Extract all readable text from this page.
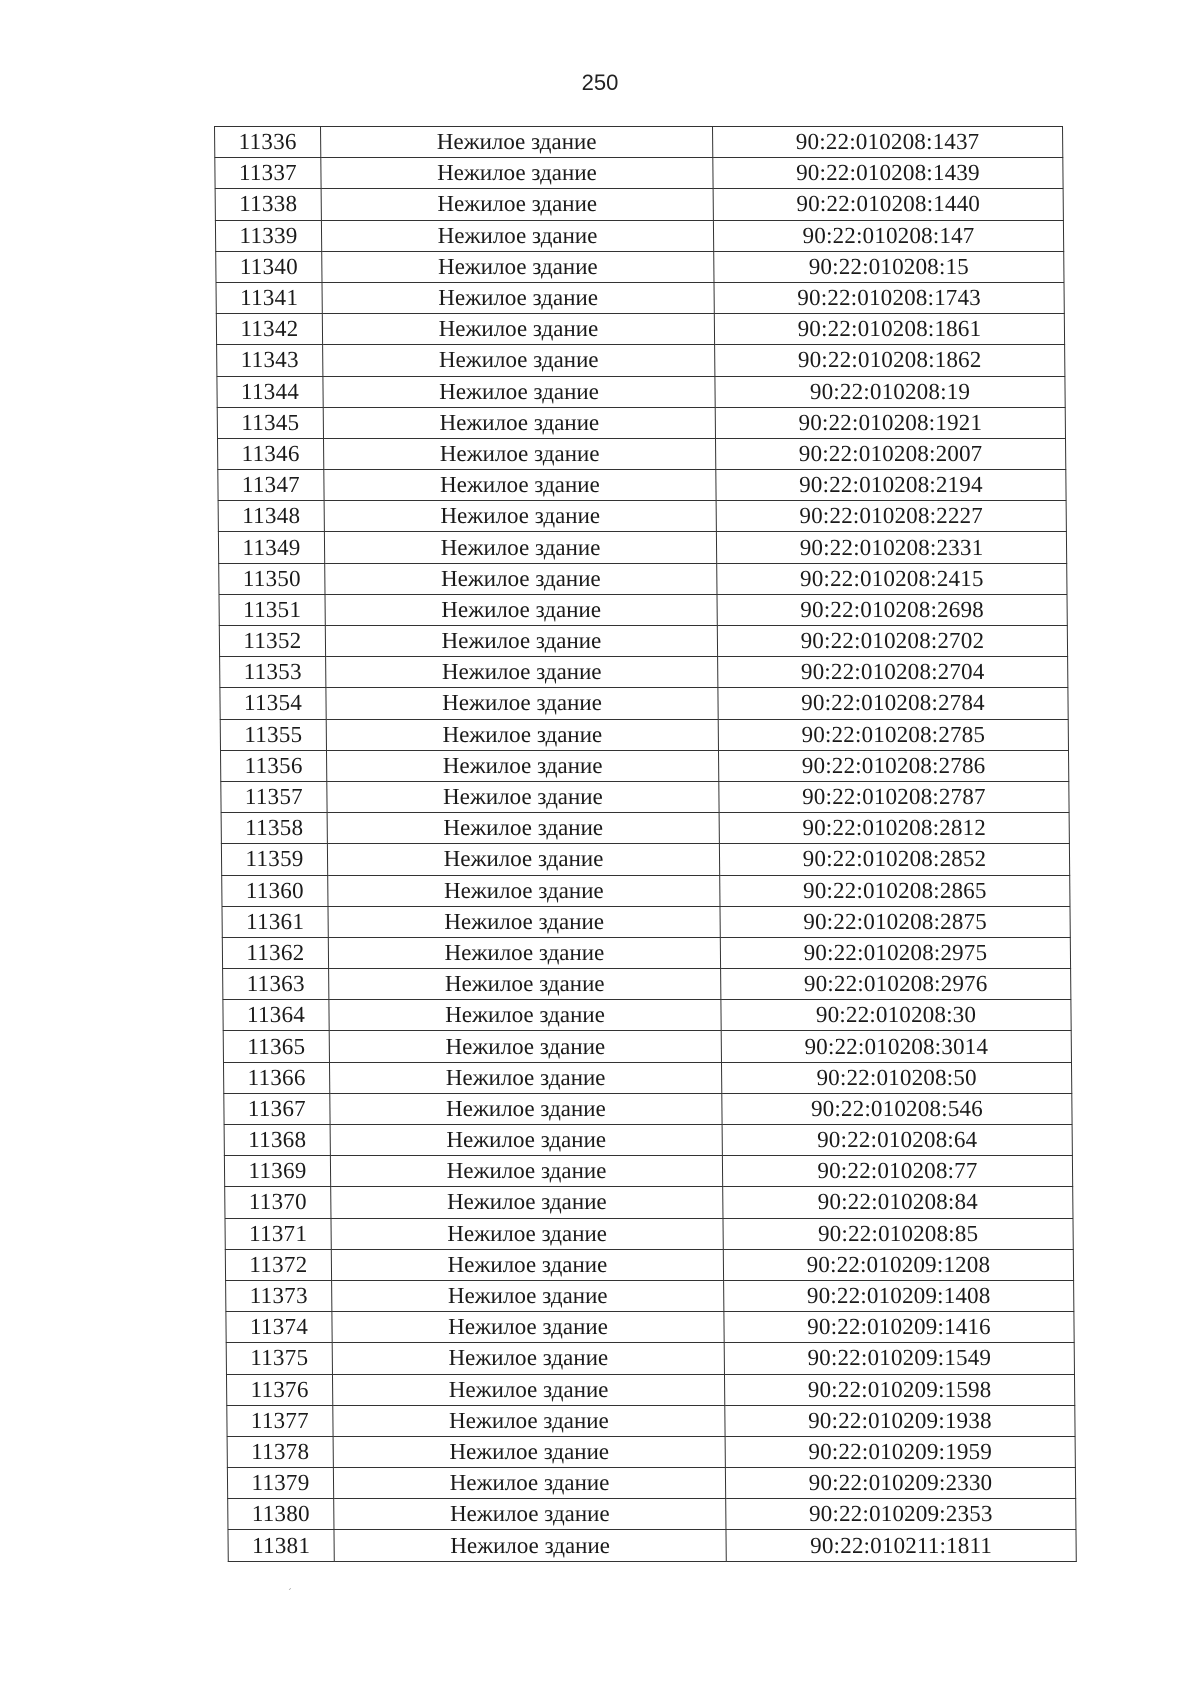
250
11336	Нежилое здание	90:22:010208:1437
11337	Нежилое здание	90:22:010208:1439
11338	Нежилое здание	90:22:010208:1440
11339	Нежилое здание	90:22:010208:147
11340	Нежилое здание	90:22:010208:15
11341	Нежилое здание	90:22:010208:1743
11342	Нежилое здание	90:22:010208:1861
11343	Нежилое здание	90:22:010208:1862
11344	Нежилое здание	90:22:010208:19
11345	Нежилое здание	90:22:010208:1921
11346	Нежилое здание	90:22:010208:2007
11347	Нежилое здание	90:22:010208:2194
11348	Нежилое здание	90:22:010208:2227
11349	Нежилое здание	90:22:010208:2331
11350	Нежилое здание	90:22:010208:2415
11351	Нежилое здание	90:22:010208:2698
11352	Нежилое здание	90:22:010208:2702
11353	Нежилое здание	90:22:010208:2704
11354	Нежилое здание	90:22:010208:2784
11355	Нежилое здание	90:22:010208:2785
11356	Нежилое здание	90:22:010208:2786
11357	Нежилое здание	90:22:010208:2787
11358	Нежилое здание	90:22:010208:2812
11359	Нежилое здание	90:22:010208:2852
11360	Нежилое здание	90:22:010208:2865
11361	Нежилое здание	90:22:010208:2875
11362	Нежилое здание	90:22:010208:2975
11363	Нежилое здание	90:22:010208:2976
11364	Нежилое здание	90:22:010208:30
11365	Нежилое здание	90:22:010208:3014
11366	Нежилое здание	90:22:010208:50
11367	Нежилое здание	90:22:010208:546
11368	Нежилое здание	90:22:010208:64
11369	Нежилое здание	90:22:010208:77
11370	Нежилое здание	90:22:010208:84
11371	Нежилое здание	90:22:010208:85
11372	Нежилое здание	90:22:010209:1208
11373	Нежилое здание	90:22:010209:1408
11374	Нежилое здание	90:22:010209:1416
11375	Нежилое здание	90:22:010209:1549
11376	Нежилое здание	90:22:010209:1598
11377	Нежилое здание	90:22:010209:1938
11378	Нежилое здание	90:22:010209:1959
11379	Нежилое здание	90:22:010209:2330
11380	Нежилое здание	90:22:010209:2353
11381	Нежилое здание	90:22:010211:1811
´
